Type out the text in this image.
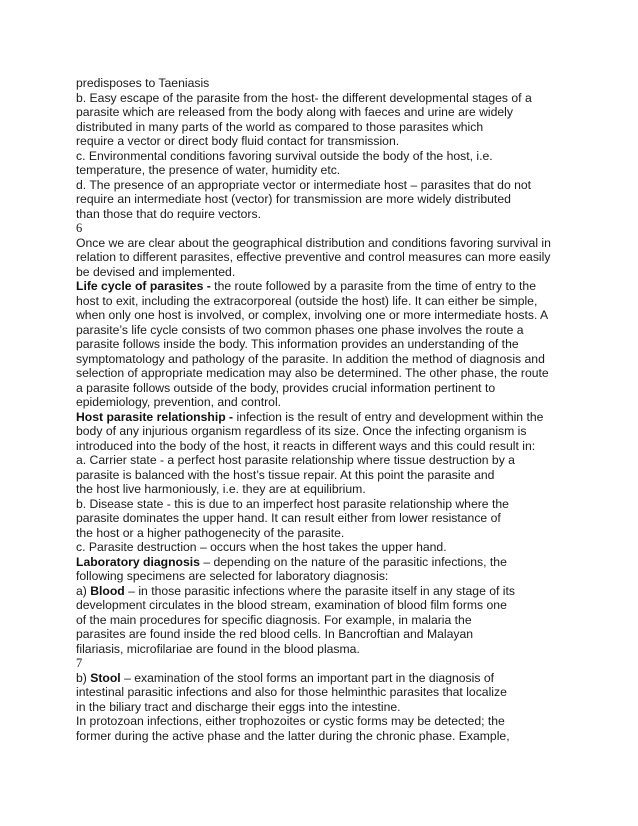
predisposes to Taeniasis
b. Easy escape of the parasite from the host- the different developmental stages of a
parasite which are released from the body along with faeces and urine are widely
distributed in many parts of the world as compared to those parasites which
require a vector or direct body fluid contact for transmission.
c. Environmental conditions favoring survival outside the body of the host, i.e.
temperature, the presence of water, humidity etc.
d. The presence of an appropriate vector or intermediate host – parasites that do not
require an intermediate host (vector) for transmission are more widely distributed
than those that do require vectors.
6
Once we are clear about the geographical distribution and conditions favoring survival in
relation to different parasites, effective preventive and control measures can more easily
be devised and implemented.
Life cycle of parasites - the route followed by a parasite from the time of entry to the
host to exit, including the extracorporeal (outside the host) life. It can either be simple,
when only one host is involved, or complex, involving one or more intermediate hosts. A
parasite’s life cycle consists of two common phases one phase involves the route a
parasite follows inside the body. This information provides an understanding of the
symptomatology and pathology of the parasite. In addition the method of diagnosis and
selection of appropriate medication may also be determined. The other phase, the route
a parasite follows outside of the body, provides crucial information pertinent to
epidemiology, prevention, and control.
Host parasite relationship - infection is the result of entry and development within the
body of any injurious organism regardless of its size. Once the infecting organism is
introduced into the body of the host, it reacts in different ways and this could result in:
a. Carrier state - a perfect host parasite relationship where tissue destruction by a
parasite is balanced with the host’s tissue repair. At this point the parasite and
the host live harmoniously, i.e. they are at equilibrium.
b. Disease state - this is due to an imperfect host parasite relationship where the
parasite dominates the upper hand. It can result either from lower resistance of
the host or a higher pathogenecity of the parasite.
c. Parasite destruction – occurs when the host takes the upper hand.
Laboratory diagnosis – depending on the nature of the parasitic infections, the
following specimens are selected for laboratory diagnosis:
a) Blood – in those parasitic infections where the parasite itself in any stage of its
development circulates in the blood stream, examination of blood film forms one
of the main procedures for specific diagnosis. For example, in malaria the
parasites are found inside the red blood cells. In Bancroftian and Malayan
filariasis, microfilariae are found in the blood plasma.
7
b) Stool – examination of the stool forms an important part in the diagnosis of
intestinal parasitic infections and also for those helminthic parasites that localize
in the biliary tract and discharge their eggs into the intestine.
In protozoan infections, either trophozoites or cystic forms may be detected; the
former during the active phase and the latter during the chronic phase. Example,
